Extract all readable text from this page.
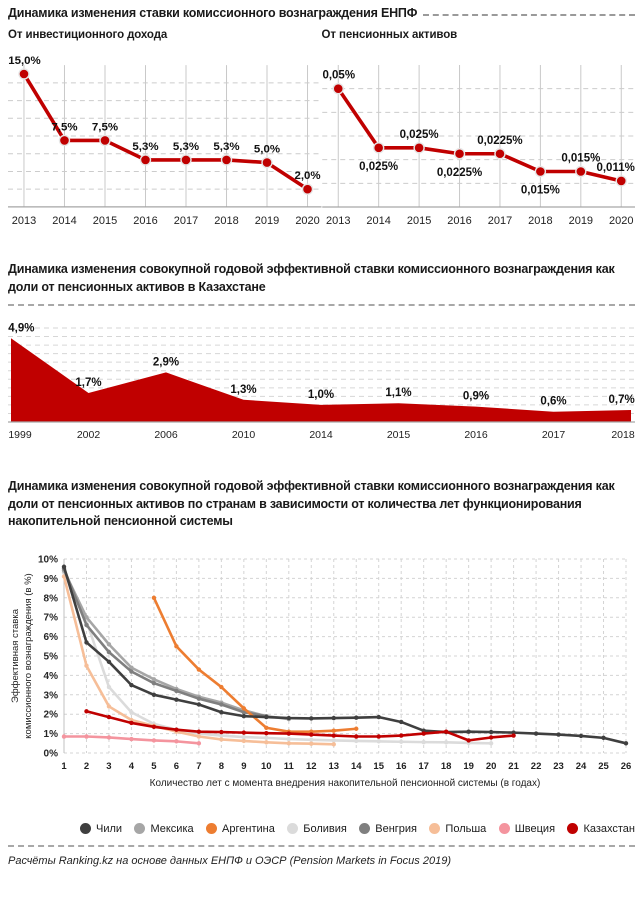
Динамика изменения ставки комиссионного вознаграждения ЕНПФ
От инвестиционного дохода	От пенсионных активов
15,0%
7,5% 7,5%
5,3% 5,3% 5,3% 5,0%
2,0%
2013 2014 2015 2016 2017 2018 2019 2020
0,05%
0,025%
0,025%
0,0225%
0,0225%
0,015%
0,015%
0,011%
2013 2014 2015 2016 2017 2018 2019 2020
Динамика изменения совокупной годовой эффективной ставки комиссионного вознаграждения как доли от пенсионных активов в Казахстане
4,9%
1,7%
2,9%
1,3%	1,0%	1,1%	0,9%	0,6%	0,7%
1999	2002	2006	2010	2014	2015	2016	2017	2018
Динамика изменения совокупной годовой эффективной ставки комиссионного вознаграждения как доли от пенсионных активов по странам в зависимости от количества лет функционирования накопительной пенсионной системы
0%
1%
2%
3%
4%
5%
6%
7%
8%
9%
10%
1 2 3 4 5 6 7 8 9 10 11 12 13 14 15 16 17 18 19 20 21 22 23 24 25 26
Количество лет с момента внедрения накопительной пенсионной системы (в годах)
Эффективная ставка комиссионного вознаграждения (в %)
Чили	Мексика	Аргентина	Боливия	Венгрия	Польша	Швеция	Казахстан
Расчёты Ranking.kz на основе данных ЕНПФ и ОЭСР (Pension Markets in Focus 2019)
